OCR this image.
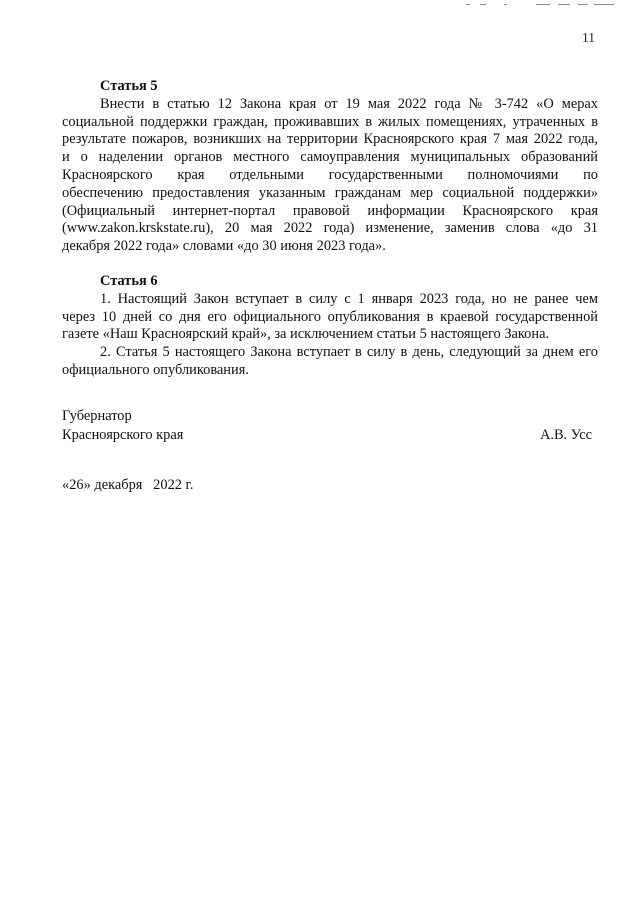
11
Статья 5
Внести в статью 12 Закона края от 19 мая 2022 года № 3-742 «О мерах
социальной поддержки граждан, проживавших в жилых помещениях, утраченных в
результате пожаров, возникших на территории Красноярского края 7 мая 2022 года,
и о наделении органов местного самоуправления муниципальных образований
Красноярского края отдельными государственными полномочиями по
обеспечению предоставления указанным гражданам мер социальной поддержки»
(Официальный интернет-портал правовой информации Красноярского края
(www.zakon.krskstate.ru), 20 мая 2022 года) изменение, заменив слова «до 31
декабря 2022 года» словами «до 30 июня 2023 года».
Статья 6
1. Настоящий Закон вступает в силу с 1 января 2023 года, но не ранее чем
через 10 дней со дня его официального опубликования в краевой государственной
газете «Наш Красноярский край», за исключением статьи 5 настоящего Закона.
2. Статья 5 настоящего Закона вступает в силу в день, следующий за днем его
официального опубликования.
Губернатор
Красноярского края	А.В. Усс
«26» декабря   2022 г.
